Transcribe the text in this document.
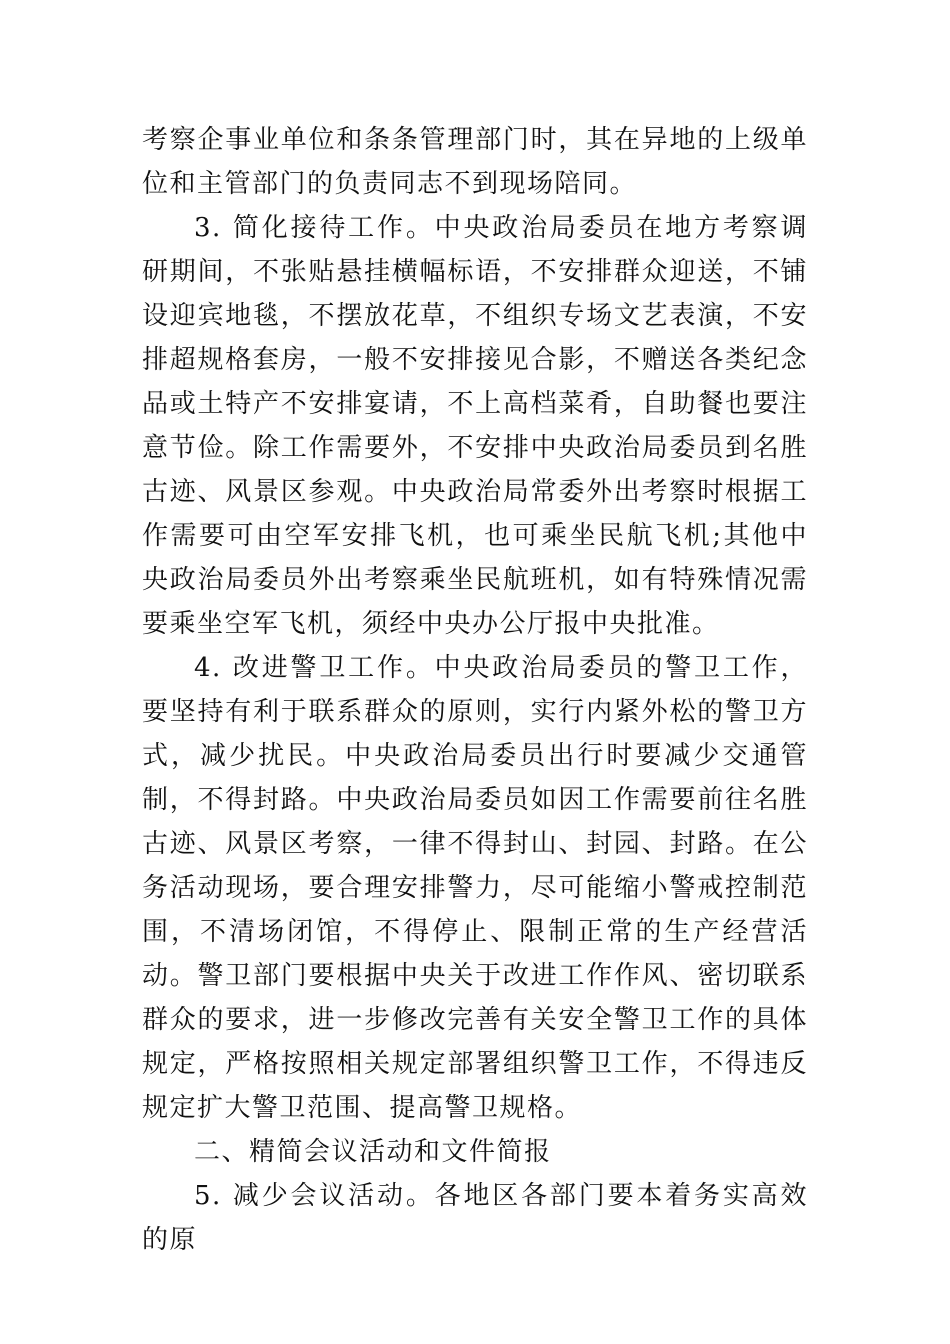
考察企事业单位和条条管理部门时，其在异地的上级单位和主管部门的负责同志不到现场陪同。

3. 简化接待工作。中央政治局委员在地方考察调研期间，不张贴悬挂横幅标语，不安排群众迎送，不铺设迎宾地毯，不摆放花草，不组织专场文艺表演，不安排超规格套房，一般不安排接见合影，不赠送各类纪念品或土特产不安排宴请，不上高档菜肴，自助餐也要注意节俭。除工作需要外，不安排中央政治局委员到名胜古迹、风景区参观。中央政治局常委外出考察时根据工作需要可由空军安排飞机，也可乘坐民航飞机;其他中央政治局委员外出考察乘坐民航班机，如有特殊情况需要乘坐空军飞机，须经中央办公厅报中央批准。

4. 改进警卫工作。中央政治局委员的警卫工作，要坚持有利于联系群众的原则，实行内紧外松的警卫方式，减少扰民。中央政治局委员出行时要减少交通管制，不得封路。中央政治局委员如因工作需要前往名胜古迹、风景区考察，一律不得封山、封园、封路。在公务活动现场，要合理安排警力，尽可能缩小警戒控制范围，不清场闭馆，不得停止、限制正常的生产经营活动。警卫部门要根据中央关于改进工作作风、密切联系群众的要求，进一步修改完善有关安全警卫工作的具体规定，严格按照相关规定部署组织警卫工作，不得违反规定扩大警卫范围、提高警卫规格。

二、精简会议活动和文件简报

5. 减少会议活动。各地区各部门要本着务实高效的原
